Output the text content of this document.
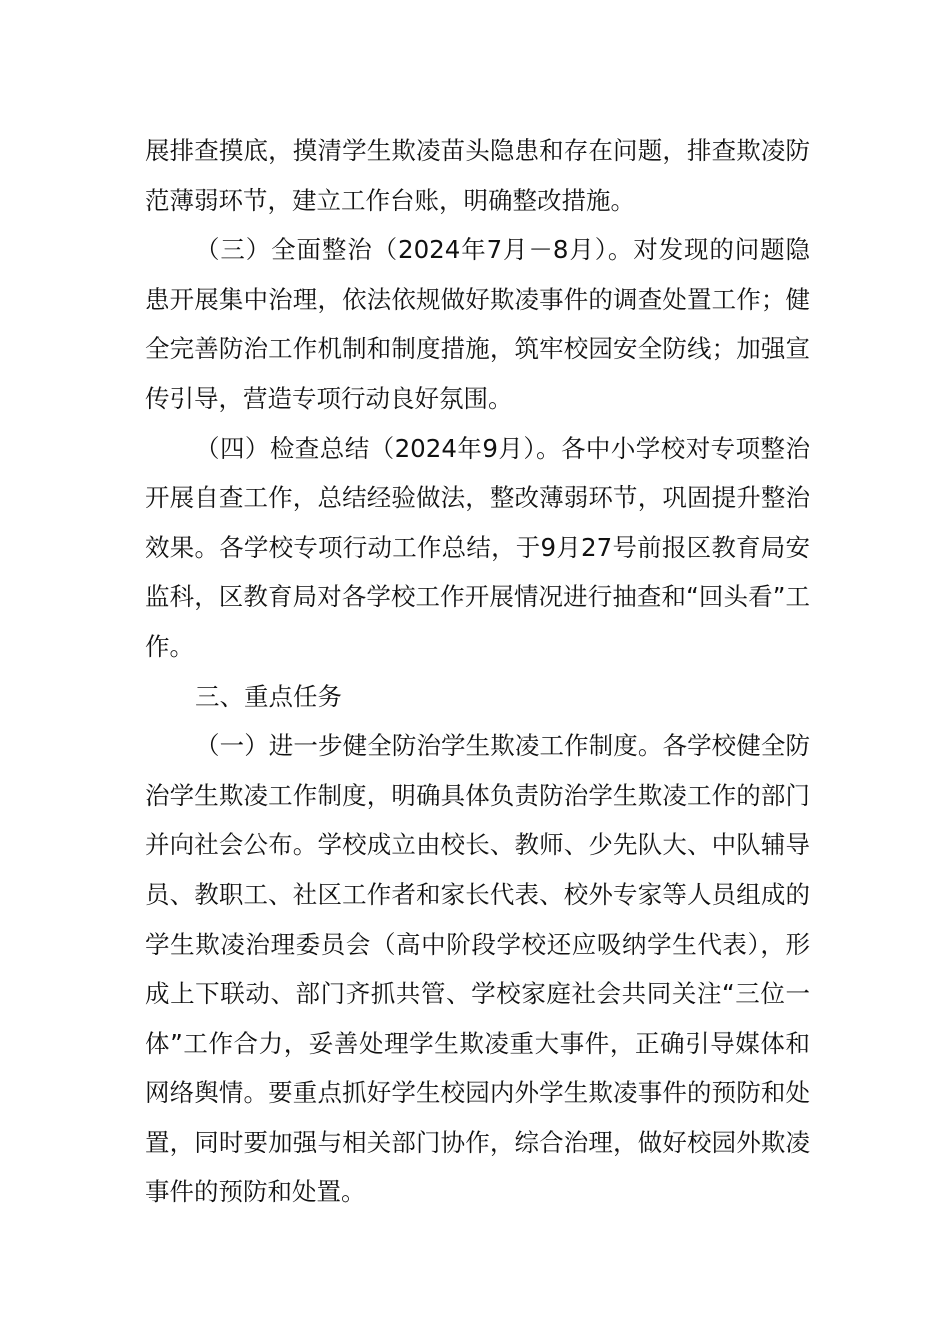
展排查摸底，摸清学生欺凌苗头隐患和存在问题，排查欺凌防范薄弱环节，建立工作台账，明确整改措施。

（三）全面整治（2024年7月－8月）。对发现的问题隐患开展集中治理，依法依规做好欺凌事件的调查处置工作；健全完善防治工作机制和制度措施，筑牢校园安全防线；加强宣传引导，营造专项行动良好氛围。

（四）检查总结（2024年9月）。各中小学校对专项整治开展自查工作，总结经验做法，整改薄弱环节，巩固提升整治效果。各学校专项行动工作总结，于9月27号前报区教育局安监科，区教育局对各学校工作开展情况进行抽查和“回头看”工作。

三、重点任务

（一）进一步健全防治学生欺凌工作制度。各学校健全防治学生欺凌工作制度，明确具体负责防治学生欺凌工作的部门并向社会公布。学校成立由校长、教师、少先队大、中队辅导员、教职工、社区工作者和家长代表、校外专家等人员组成的学生欺凌治理委员会（高中阶段学校还应吸纳学生代表），形成上下联动、部门齐抓共管、学校家庭社会共同关注“三位一体”工作合力，妥善处理学生欺凌重大事件，正确引导媒体和网络舆情。要重点抓好学生校园内外学生欺凌事件的预防和处置，同时要加强与相关部门协作，综合治理，做好校园外欺凌事件的预防和处置。
